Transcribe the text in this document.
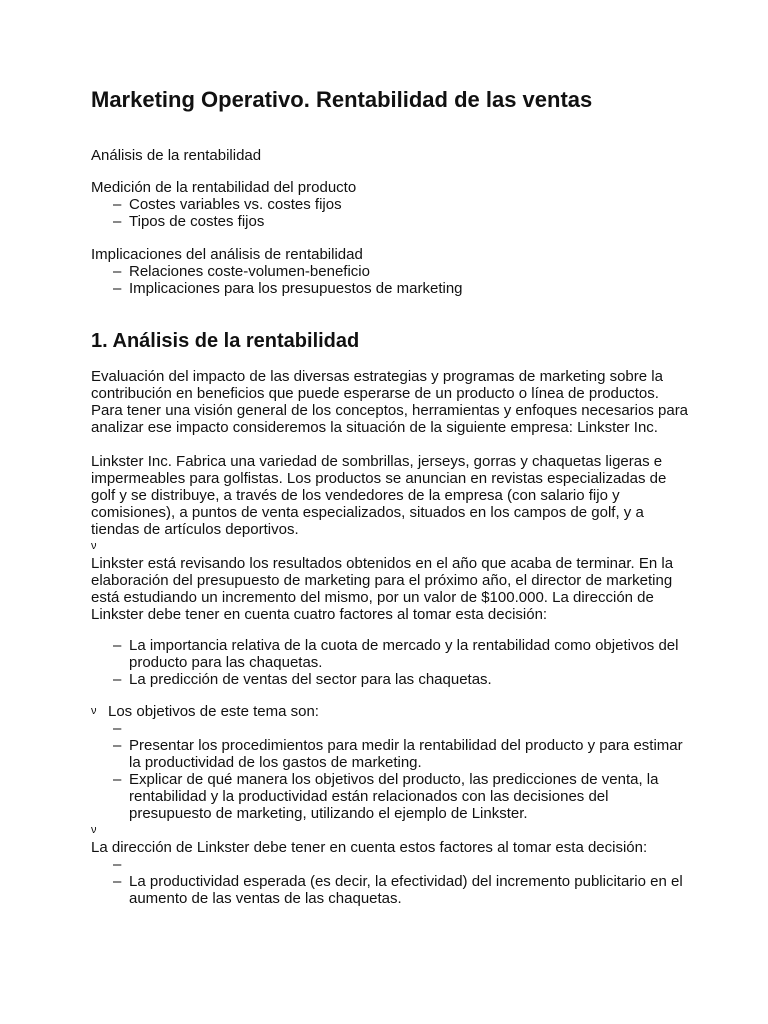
Marketing Operativo. Rentabilidad de las ventas

Análisis de la rentabilidad

Medición de la rentabilidad del producto

– Costes variables vs. costes fijos
– Tipos de costes fijos

Implicaciones del análisis de rentabilidad

– Relaciones coste-volumen-beneficio
– Implicaciones para los presupuestos de marketing
1. Análisis de la rentabilidad

Evaluación del impacto de las diversas estrategias y programas de marketing sobre la contribución en beneficios que puede esperarse de un producto o línea de productos. Para tener una visión general de los conceptos, herramientas y enfoques necesarios para analizar ese impacto consideremos la situación de la siguiente empresa: Linkster Inc.

Linkster Inc. Fabrica una variedad de sombrillas, jerseys, gorras y chaquetas ligeras e impermeables para golfistas. Los productos se anuncian en revistas especializadas de golf y se distribuye, a través de los vendedores de la empresa (con salario fijo y comisiones), a puntos de venta especializados, situados en los campos de golf, y a tiendas de artículos deportivos.

ν

Linkster está revisando los resultados obtenidos en el año que acaba de terminar. En la elaboración del presupuesto de marketing para el próximo año, el director de marketing está estudiando un incremento del mismo, por un valor de $100.000. La dirección de Linkster debe tener en cuenta cuatro factores al tomar esta decisión:

– La importancia relativa de la cuota de mercado y la rentabilidad como objetivos del producto para las chaquetas.
– La predicción de ventas del sector para las chaquetas.
ν Los objetivos de este tema son:
–
– Presentar los procedimientos para medir la rentabilidad del producto y para estimar la productividad de los gastos de marketing.
– Explicar de qué manera los objetivos del producto, las predicciones de venta, la rentabilidad y la productividad están relacionados con las decisiones del presupuesto de marketing, utilizando el ejemplo de Linkster.
ν

La dirección de Linkster debe tener en cuenta estos factores al tomar esta decisión:

–
– La productividad esperada (es decir, la efectividad) del incremento publicitario en el aumento de las ventas de las chaquetas.
